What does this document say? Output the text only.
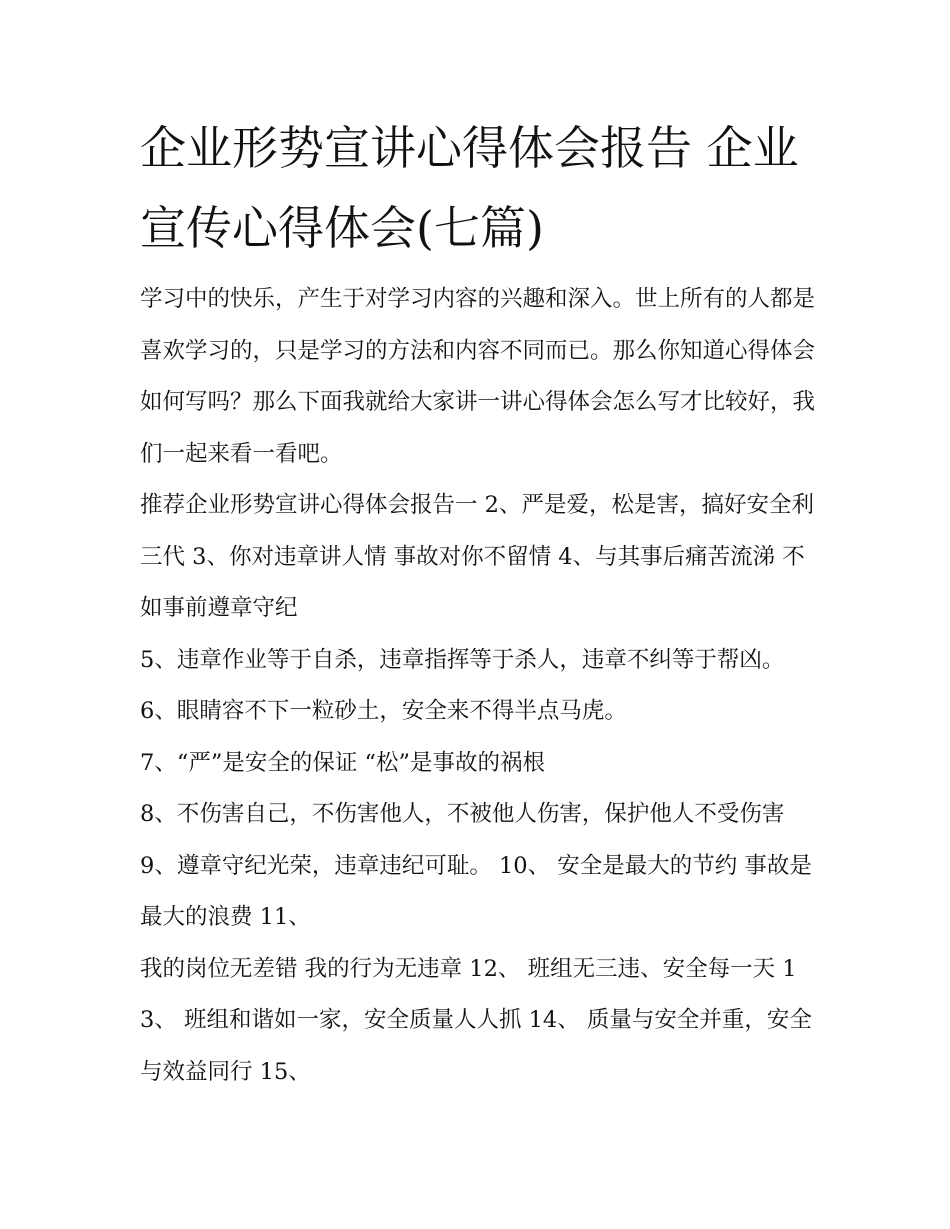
企业形势宣讲心得体会报告 企业宣传心得体会(七篇)

学习中的快乐，产生于对学习内容的兴趣和深入。世上所有的人都是喜欢学习的，只是学习的方法和内容不同而已。那么你知道心得体会如何写吗？那么下面我就给大家讲一讲心得体会怎么写才比较好，我们一起来看一看吧。

推荐企业形势宣讲心得体会报告一 2、严是爱，松是害，搞好安全利三代 3、你对违章讲人情 事故对你不留情 4、与其事后痛苦流涕 不如事前遵章守纪

5、违章作业等于自杀，违章指挥等于杀人，违章不纠等于帮凶。 6、眼睛容不下一粒砂土，安全来不得半点马虎。

7、“严”是安全的保证 “松”是事故的祸根

8、不伤害自己，不伤害他人，不被他人伤害，保护他人不受伤害 9、遵章守纪光荣，违章违纪可耻。 10、 安全是最大的节约 事故是最大的浪费 11、

我的岗位无差错 我的行为无违章 12、 班组无三违、安全每一天 13、 班组和谐如一家，安全质量人人抓 14、 质量与安全并重，安全与效益同行 15、
